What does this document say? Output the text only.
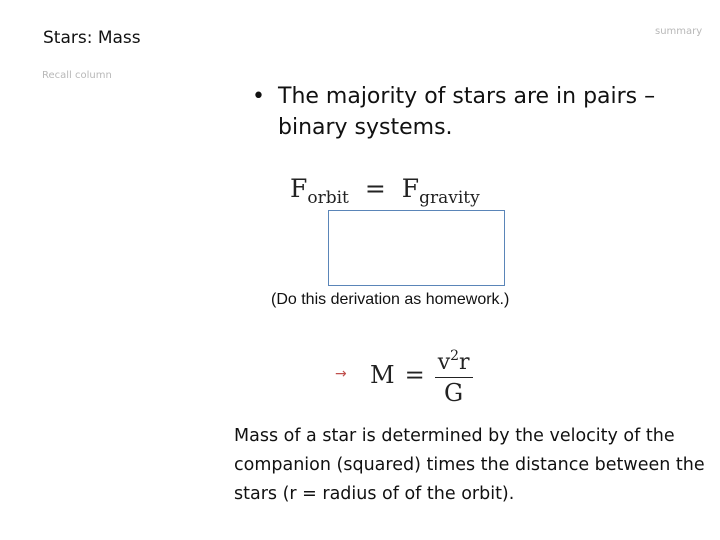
Stars: Mass
Recall column
summary
• The majority of stars are in pairs – binary systems.
$F_{orbit} = F_{gravity}$
(Do this derivation as homework.)
→ $M = \frac{v^2r}{G}$
Mass of a star is determined by the velocity of the companion (squared) times the distance between the stars (r = radius of of the orbit).
